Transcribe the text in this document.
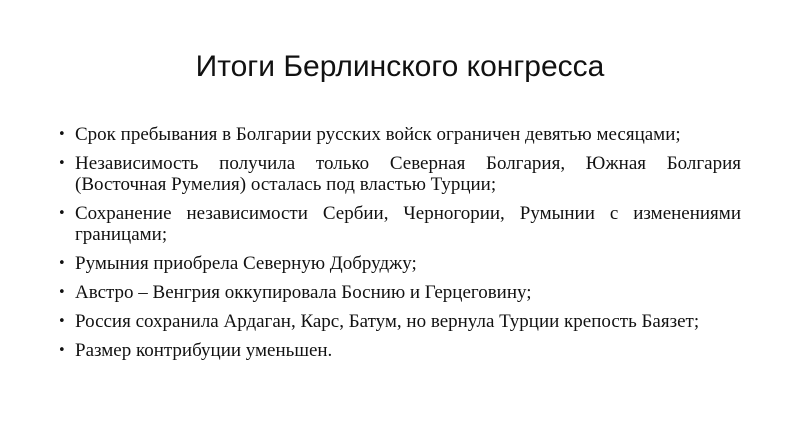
Итоги Берлинского конгресса
• Срок пребывания в Болгарии русских войск ограничен девятью месяцами;
• Независимость получила только Северная Болгария, Южная Болгария (Восточная Румелия) осталась под властью Турции;
• Сохранение независимости Сербии, Черногории, Румынии с изменениями границами;
• Румыния приобрела Северную Добруджу;
• Австро – Венгрия оккупировала Боснию и Герцеговину;
• Россия сохранила Ардаган, Карс, Батум, но вернула Турции крепость Баязет;
• Размер контрибуции уменьшен.
